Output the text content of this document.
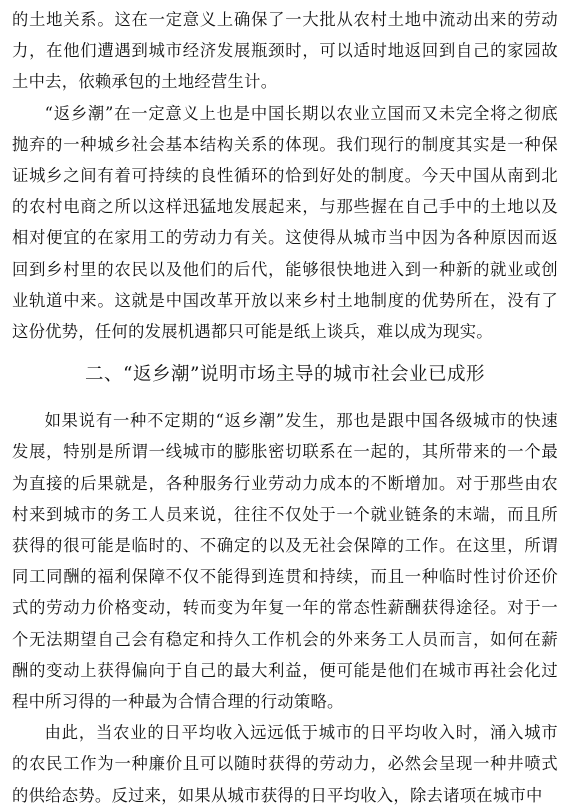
的土地关系。这在一定意义上确保了一大批从农村土地中流动出来的劳动力，在他们遭遇到城市经济发展瓶颈时，可以适时地返回到自己的家园故土中去，依赖承包的土地经营生计。

“返乡潮”在一定意义上也是中国长期以农业立国而又未完全将之彻底抛弃的一种城乡社会基本结构关系的体现。我们现行的制度其实是一种保证城乡之间有着可持续的良性循环的恰到好处的制度。今天中国从南到北的农村电商之所以这样迅猛地发展起来，与那些握在自己手中的土地以及相对便宜的在家用工的劳动力有关。这使得从城市当中因为各种原因而返回到乡村里的农民以及他们的后代，能够很快地进入到一种新的就业或创业轨道中来。这就是中国改革开放以来乡村土地制度的优势所在，没有了这份优势，任何的发展机遇都只可能是纸上谈兵，难以成为现实。

二、“返乡潮”说明市场主导的城市社会业已成形

如果说有一种不定期的“返乡潮”发生，那也是跟中国各级城市的快速发展，特别是所谓一线城市的膨胀密切联系在一起的，其所带来的一个最为直接的后果就是，各种服务行业劳动力成本的不断增加。对于那些由农村来到城市的务工人员来说，往往不仅处于一个就业链条的末端，而且所获得的很可能是临时的、不确定的以及无社会保障的工作。在这里，所谓同工同酬的福利保障不仅不能得到连贯和持续，而且一种临时性讨价还价式的劳动力价格变动，转而变为年复一年的常态性薪酬获得途径。对于一个无法期望自己会有稳定和持久工作机会的外来务工人员而言，如何在薪酬的变动上获得偏向于自己的最大利益，便可能是他们在城市再社会化过程中所习得的一种最为合情合理的行动策略。

由此，当农业的日平均收入远远低于城市的日平均收入时，涌入城市的农民工作为一种廉价且可以随时获得的劳动力，必然会呈现一种井喷式的供给态势。反过来，如果从城市获得的日平均收入，除去诸项在城市中
